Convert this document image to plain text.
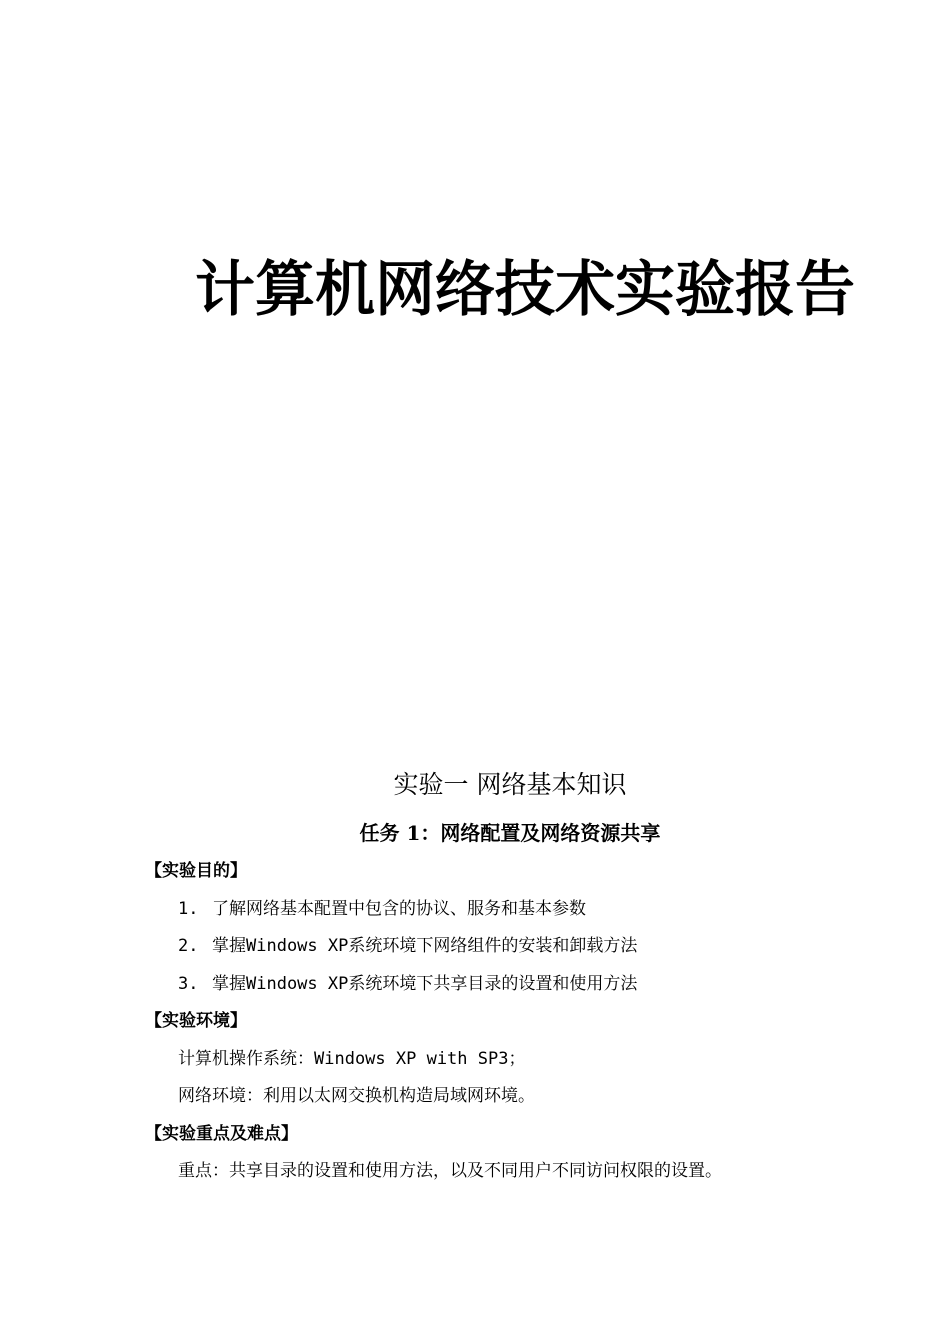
计算机网络技术实验报告
实验一 网络基本知识
任务 1：网络配置及网络资源共享
【实验目的】
1. 了解网络基本配置中包含的协议、服务和基本参数
2. 掌握Windows XP系统环境下网络组件的安装和卸载方法
3. 掌握Windows XP系统环境下共享目录的设置和使用方法
【实验环境】
计算机操作系统：Windows XP with SP3；
网络环境：利用以太网交换机构造局域网环境。
【实验重点及难点】
重点：共享目录的设置和使用方法，以及不同用户不同访问权限的设置。
